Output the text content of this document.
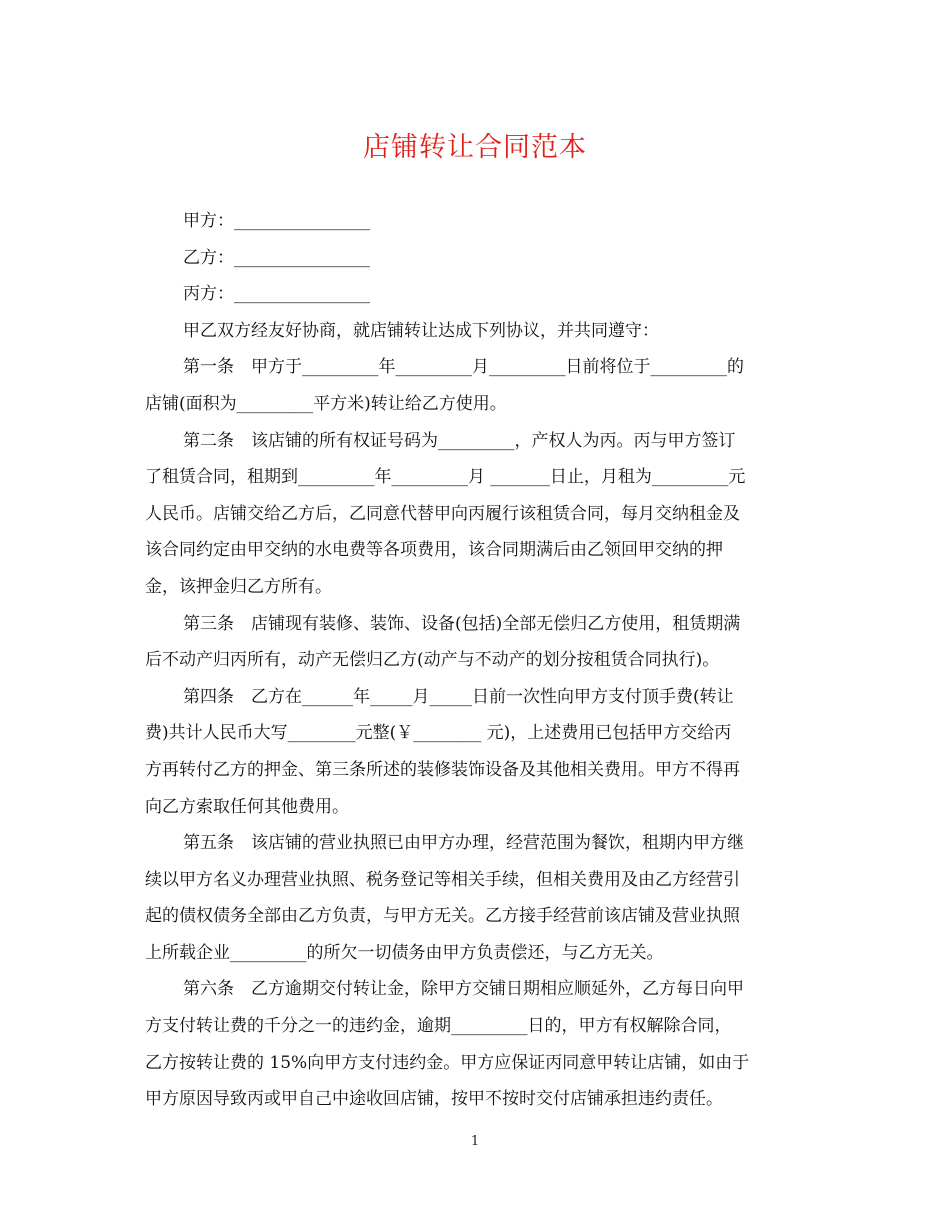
店铺转让合同范本
甲方：________________
乙方：________________
丙方：________________
甲乙双方经友好协商，就店铺转让达成下列协议，并共同遵守：
第一条　甲方于_________年_________月_________日前将位于_________的
店铺(面积为_________平方米)转让给乙方使用。
第二条　该店铺的所有权证号码为_________，产权人为丙。丙与甲方签订
了租赁合同，租期到_________年_________月 _______日止，月租为_________元
人民币。店铺交给乙方后，乙同意代替甲向丙履行该租赁合同，每月交纳租金及
该合同约定由甲交纳的水电费等各项费用，该合同期满后由乙领回甲交纳的押
金，该押金归乙方所有。
第三条　店铺现有装修、装饰、设备(包括)全部无偿归乙方使用，租赁期满
后不动产归丙所有，动产无偿归乙方(动产与不动产的划分按租赁合同执行)。
第四条　乙方在______年_____月_____日前一次性向甲方支付顶手费(转让
费)共计人民币大写________元整(￥________ 元)，上述费用已包括甲方交给丙
方再转付乙方的押金、第三条所述的装修装饰设备及其他相关费用。甲方不得再
向乙方索取任何其他费用。
第五条　该店铺的营业执照已由甲方办理，经营范围为餐饮，租期内甲方继
续以甲方名义办理营业执照、税务登记等相关手续，但相关费用及由乙方经营引
起的债权债务全部由乙方负责，与甲方无关。乙方接手经营前该店铺及营业执照
上所载企业_________的所欠一切债务由甲方负责偿还，与乙方无关。
第六条　乙方逾期交付转让金，除甲方交铺日期相应顺延外，乙方每日向甲
方支付转让费的千分之一的违约金，逾期_________日的，甲方有权解除合同，
乙方按转让费的 15%向甲方支付违约金。甲方应保证丙同意甲转让店铺，如由于
甲方原因导致丙或甲自己中途收回店铺，按甲不按时交付店铺承担违约责任。
1
